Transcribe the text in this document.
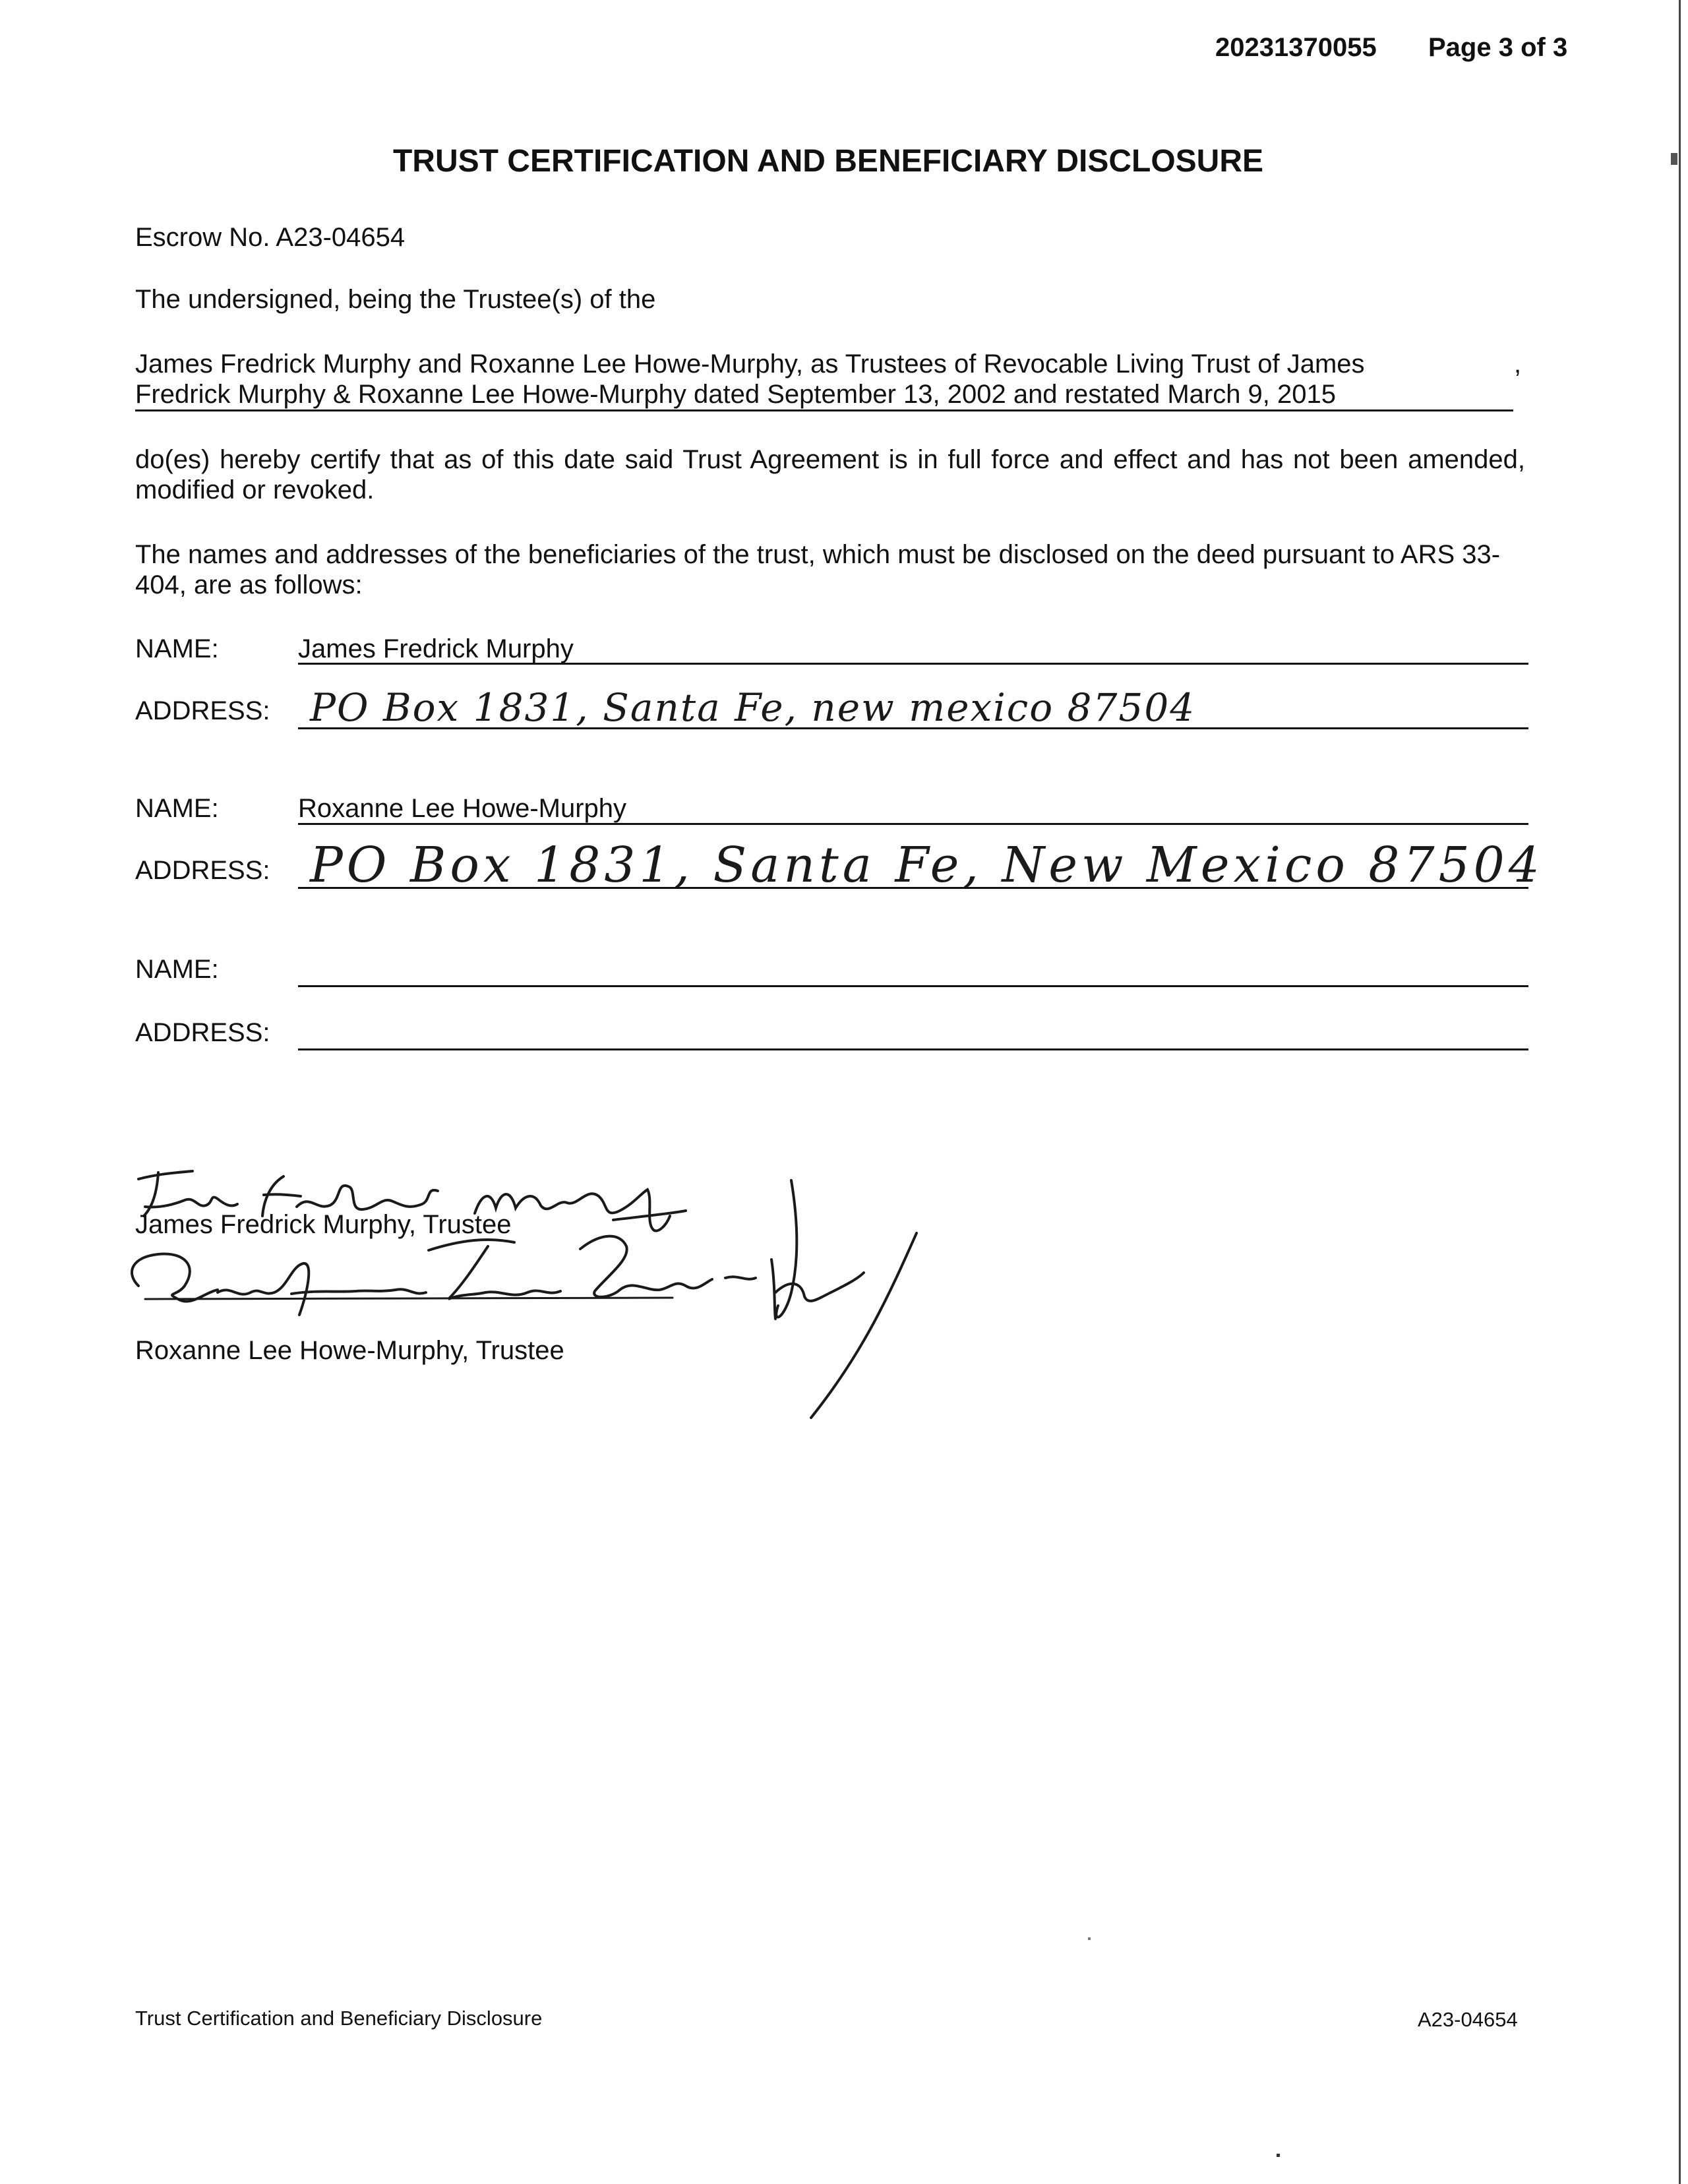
20231370055 Page 3 of 3
TRUST CERTIFICATION AND BENEFICIARY DISCLOSURE
Escrow No. A23-04654
The undersigned, being the Trustee(s) of the
James Fredrick Murphy and Roxanne Lee Howe-Murphy, as Trustees of Revocable Living Trust of James	,
Fredrick Murphy & Roxanne Lee Howe-Murphy dated September 13, 2002 and restated March 9, 2015
do(es) hereby certify that as of this date said Trust Agreement is in full force and effect and has not been amended, modified or revoked.
The names and addresses of the beneficiaries of the trust, which must be disclosed on the deed pursuant to ARS 33-404, are as follows:
NAME:	James Fredrick Murphy
ADDRESS: PO Box 1831, Santa Fe, new mexico 87504
NAME:	Roxanne Lee Howe-Murphy
ADDRESS: PO Box 1831, Santa Fe, New Mexico 87504
NAME:
ADDRESS:
James Fredrick Murphy, Trustee
Roxanne Lee Howe-Murphy, Trustee
Trust Certification and Beneficiary Disclosure	A23-04654
